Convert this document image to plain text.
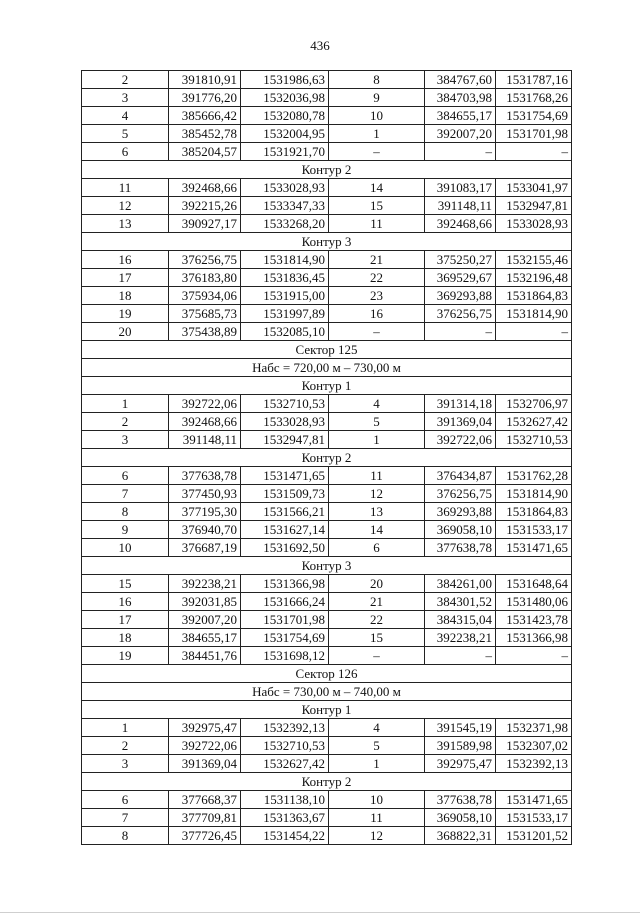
436
2	391810,91	1531986,63	8	384767,60	1531787,16
3	391776,20	1532036,98	9	384703,98	1531768,26
4	385666,42	1532080,78	10	384655,17	1531754,69
5	385452,78	1532004,95	1	392007,20	1531701,98
6	385204,57	1531921,70	–	–	–
Контур 2					
11	392468,66	1533028,93	14	391083,17	1533041,97
12	392215,26	1533347,33	15	391148,11	1532947,81
13	390927,17	1533268,20	11	392468,66	1533028,93
Контур 3					
16	376256,75	1531814,90	21	375250,27	1532155,46
17	376183,80	1531836,45	22	369529,67	1532196,48
18	375934,06	1531915,00	23	369293,88	1531864,83
19	375685,73	1531997,89	16	376256,75	1531814,90
20	375438,89	1532085,10	–	–	–
Сектор 125					
Набс = 720,00 м – 730,00 м					
Контур 1					
1	392722,06	1532710,53	4	391314,18	1532706,97
2	392468,66	1533028,93	5	391369,04	1532627,42
3	391148,11	1532947,81	1	392722,06	1532710,53
Контур 2					
6	377638,78	1531471,65	11	376434,87	1531762,28
7	377450,93	1531509,73	12	376256,75	1531814,90
8	377195,30	1531566,21	13	369293,88	1531864,83
9	376940,70	1531627,14	14	369058,10	1531533,17
10	376687,19	1531692,50	6	377638,78	1531471,65
Контур 3					
15	392238,21	1531366,98	20	384261,00	1531648,64
16	392031,85	1531666,24	21	384301,52	1531480,06
17	392007,20	1531701,98	22	384315,04	1531423,78
18	384655,17	1531754,69	15	392238,21	1531366,98
19	384451,76	1531698,12	–	–	–
Сектор 126					
Набс = 730,00 м – 740,00 м					
Контур 1					
1	392975,47	1532392,13	4	391545,19	1532371,98
2	392722,06	1532710,53	5	391589,98	1532307,02
3	391369,04	1532627,42	1	392975,47	1532392,13
Контур 2					
6	377668,37	1531138,10	10	377638,78	1531471,65
7	377709,81	1531363,67	11	369058,10	1531533,17
8	377726,45	1531454,22	12	368822,31	1531201,52
